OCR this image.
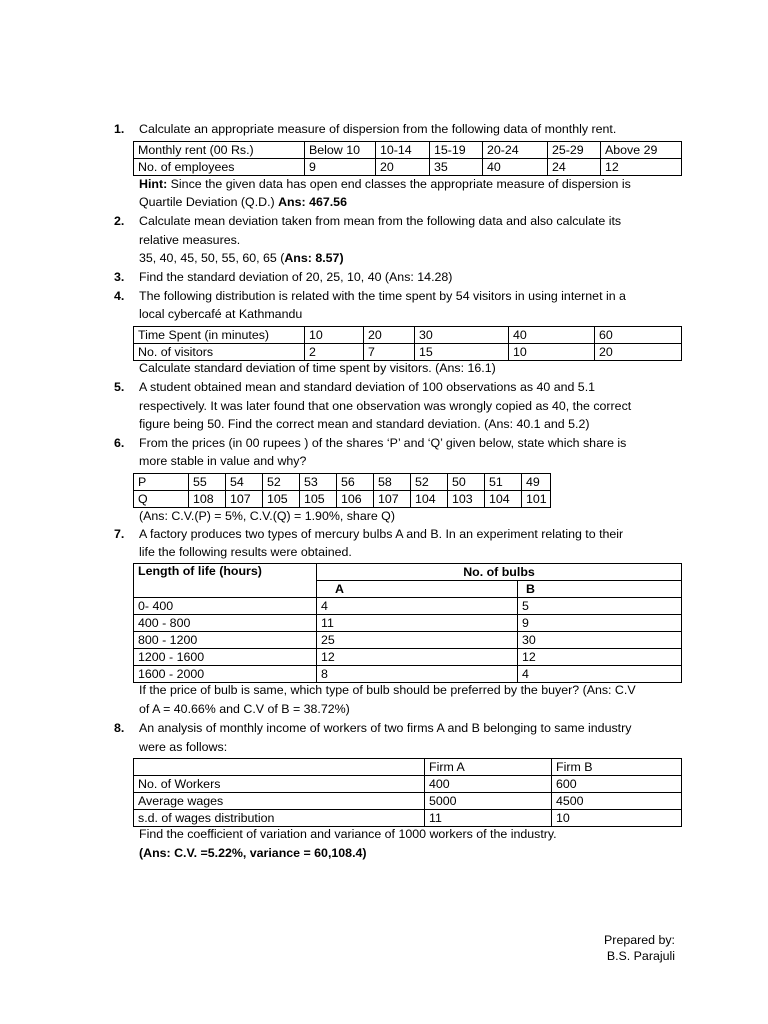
1. Calculate an appropriate measure of dispersion from the following data of monthly rent.
Monthly rent (00 Rs.)	Below 10	10-14	15-19	20-24	25-29	Above 29
No. of employees	9	20	35	40	24	12
Hint: Since the given data has open end classes the appropriate measure of dispersion is
Quartile Deviation (Q.D.) Ans: 467.56
2. Calculate mean deviation taken from mean from the following data and also calculate its
relative measures.
35, 40, 45, 50, 55, 60, 65 (Ans: 8.57)
3. Find the standard deviation of 20, 25, 10, 40 (Ans: 14.28)
4. The following distribution is related with the time spent by 54 visitors in using internet in a
local cybercafé at Kathmandu
Time Spent (in minutes)	10	20	30	40	60
No. of visitors	2	7	15	10	20
Calculate standard deviation of time spent by visitors. (Ans: 16.1)
5. A student obtained mean and standard deviation of 100 observations as 40 and 5.1
respectively. It was later found that one observation was wrongly copied as 40, the correct
figure being 50. Find the correct mean and standard deviation. (Ans: 40.1 and 5.2)
6. From the prices (in 00 rupees ) of the shares ‘P’ and ‘Q’ given below, state which share is
more stable in value and why?
P	55	54	52	53	56	58	52	50	51	49
Q	108	107	105	105	106	107	104	103	104	101
(Ans: C.V.(P) = 5%, C.V.(Q) = 1.90%, share Q)
7. A factory produces two types of mercury bulbs A and B. In an experiment relating to their
life the following results were obtained.
Length of life (hours)	No. of bulbs	
	A	B
0- 400	4	5
400 - 800	11	9
800 - 1200	25	30
1200 - 1600	12	12
1600 - 2000	8	4
If the price of bulb is same, which type of bulb should be preferred by the buyer? (Ans: C.V
of A = 40.66% and C.V of B = 38.72%)
8. An analysis of monthly income of workers of two firms A and B belonging to same industry
were as follows:
	Firm A	Firm B
No. of Workers	400	600
Average wages	5000	4500
s.d. of wages distribution	11	10
Find the coefficient of variation and variance of 1000 workers of the industry.
(Ans: C.V. =5.22%, variance = 60,108.4)
Prepared by:
B.S. Parajuli
